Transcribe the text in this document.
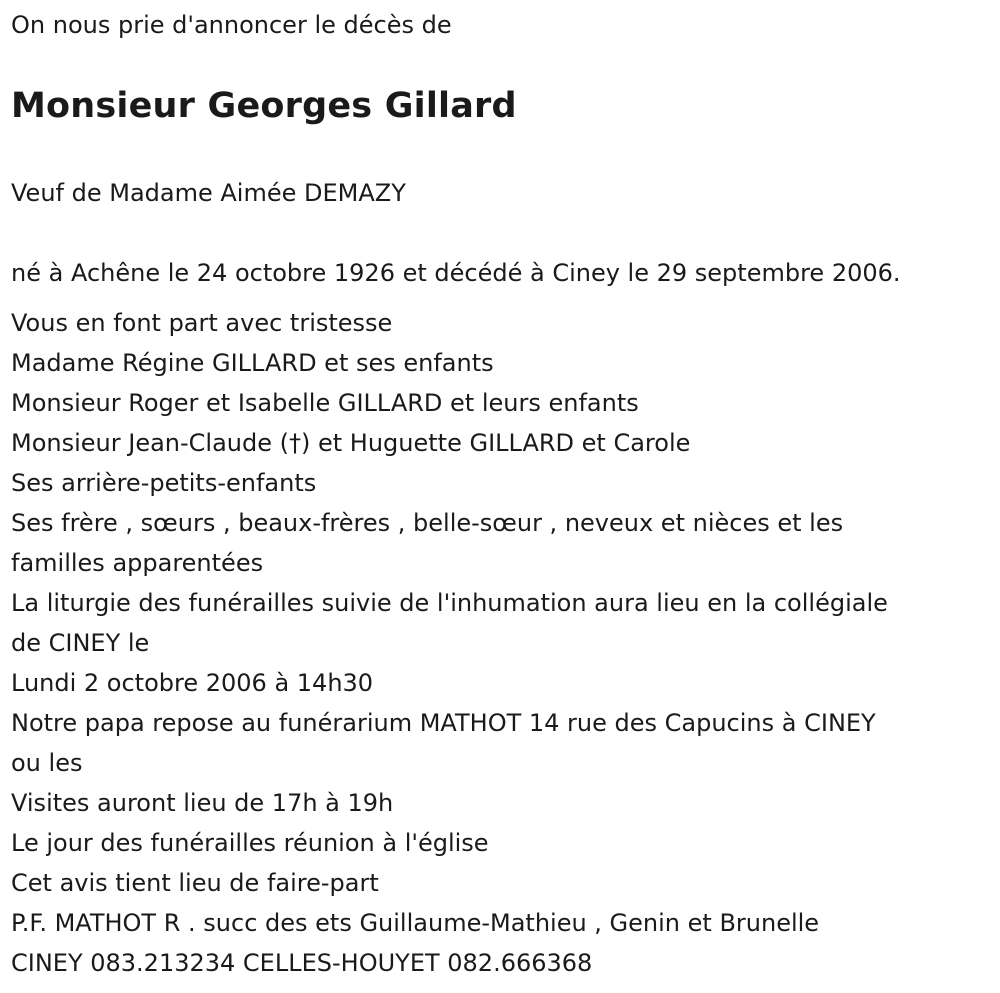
On nous prie d'annoncer le décès de
Monsieur Georges Gillard
Veuf de Madame Aimée DEMAZY
né à Achêne le 24 octobre 1926 et décédé à Ciney le 29 septembre 2006.
Vous en font part avec tristesse
Madame Régine GILLARD et ses enfants
Monsieur Roger et Isabelle GILLARD et leurs enfants
Monsieur Jean-Claude (†) et Huguette GILLARD et Carole
Ses arrière-petits-enfants
Ses frère , sœurs , beaux-frères , belle-sœur , neveux et nièces et les
familles apparentées
La liturgie des funérailles suivie de l'inhumation aura lieu en la collégiale
de CINEY le
Lundi 2 octobre 2006 à 14h30
Notre papa repose au funérarium MATHOT 14 rue des Capucins à CINEY
ou les
Visites auront lieu de 17h à 19h
Le jour des funérailles réunion à l'église
Cet avis tient lieu de faire-part
P.F. MATHOT R . succ des ets Guillaume-Mathieu , Genin et Brunelle
CINEY 083.213234 CELLES-HOUYET 082.666368
